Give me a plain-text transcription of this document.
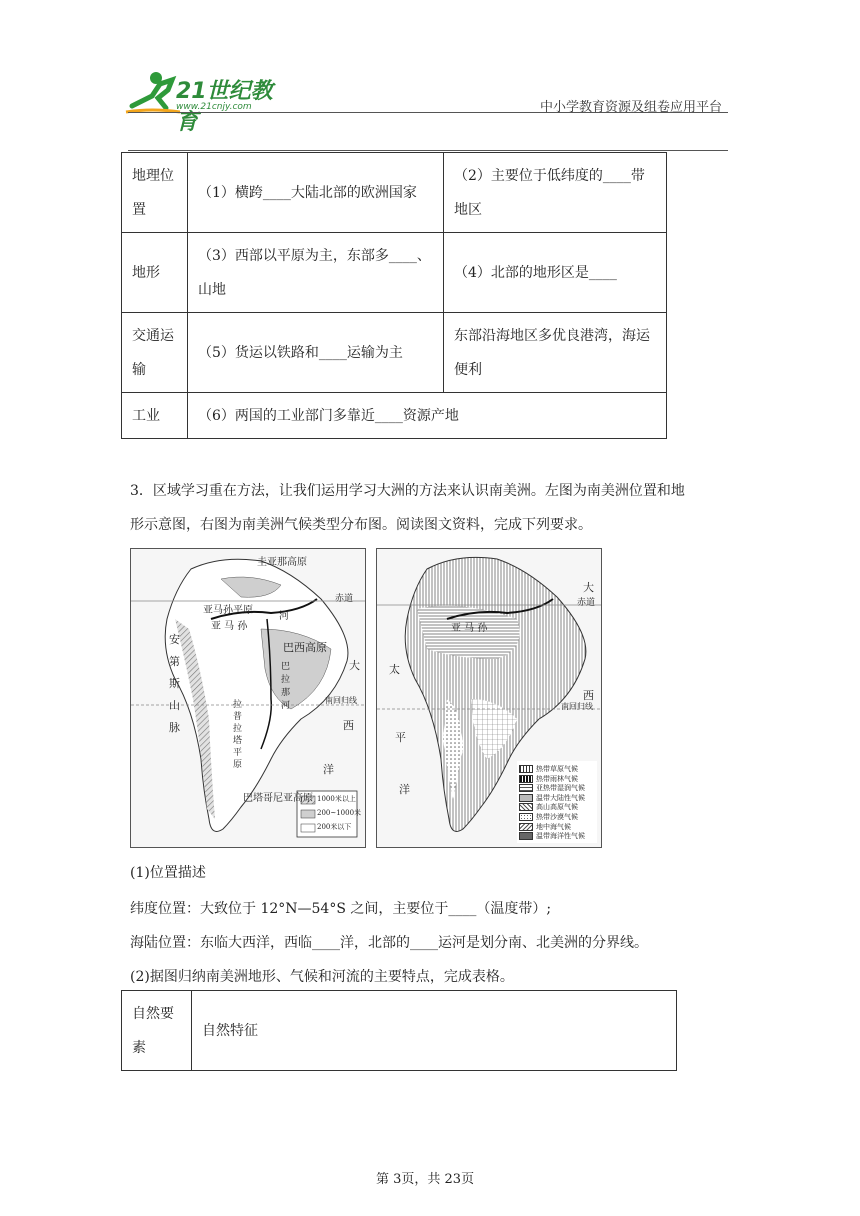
21世纪教育
www.21cnjy.com	中小学教育资源及组卷应用平台
地理位置	（1）横跨____大陆北部的欧洲国家	（2）主要位于低纬度的____带地区
地形	（3）西部以平原为主，东部多____、山地	（4）北部的地形区是____
交通运输	（5）货运以铁路和____运输为主	东部沿海地区多优良港湾，海运便利
工业	（6）两国的工业部门多靠近____资源产地	
3．区域学习重在方法，让我们运用学习大洲的方法来认识南美洲。左图为南美洲位置和地
形示意图，右图为南美洲气候类型分布图。阅读图文资料，完成下列要求。
圭亚那高原
赤道
亚马孙平原
亚 马 孙
河
巴西高原
安
第
斯
山
脉
巴
拉
那
河
拉
普
拉
塔
平
原
南回归线
大
西
洋
巴塔哥尼亚高原 1000米以上
200~1000米
200米以下
赤道
亚 马 孙
南回归线
大
西
太
平
洋
热带草原气候
热带雨林气候
亚热带湿润气候
温带大陆性气候
高山高原气候
热带沙漠气候
地中海气候
温带海洋性气候
(1)位置描述
纬度位置：大致位于 12°N—54°S 之间，主要位于____（温度带）;
海陆位置：东临大西洋，西临____洋，北部的____运河是划分南、北美洲的分界线。
(2)据图归纳南美洲地形、气候和河流的主要特点，完成表格。
自然要素	自然特征
第 3页，共 23页
